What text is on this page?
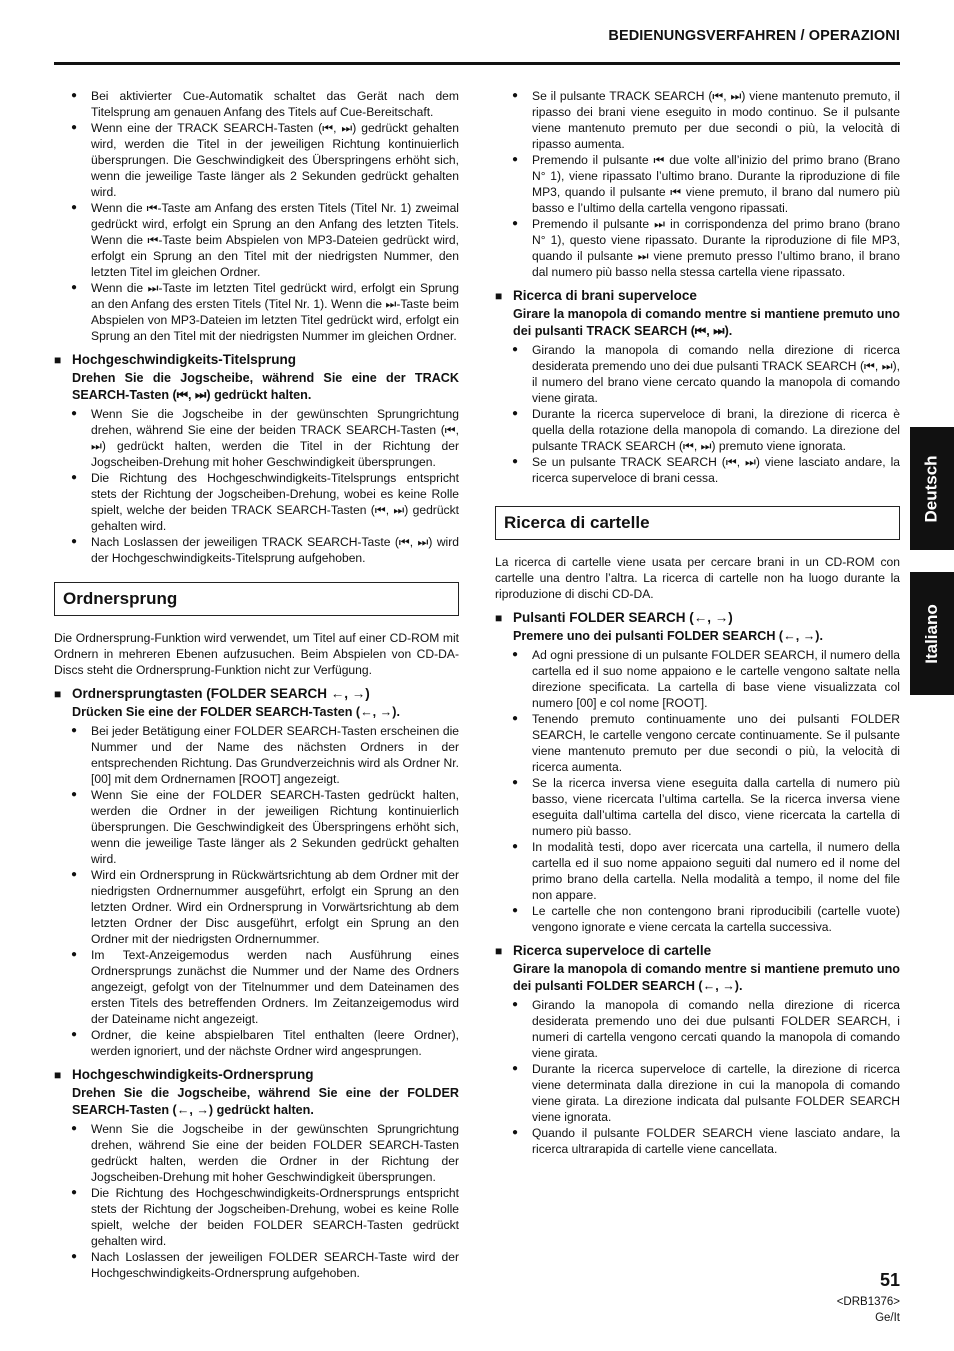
BEDIENUNGSVERFAHREN / OPERAZIONI

● Bei aktivierter Cue-Automatik schaltet das Gerät nach dem Titelsprung am genauen Anfang des Titels auf Cue-Bereitschaft.

● Wenn eine der TRACK SEARCH-Tasten (⏮, ⏭) gedrückt gehalten wird, werden die Titel in der jeweiligen Richtung kontinuierlich übersprungen. Die Geschwindigkeit des Überspringens erhöht sich, wenn die jeweilige Taste länger als 2 Sekunden gedrückt gehalten wird.

● Wenn die ⏮-Taste am Anfang des ersten Titels (Titel Nr. 1) zweimal gedrückt wird, erfolgt ein Sprung an den Anfang des letzten Titels. Wenn die ⏮-Taste beim Abspielen von MP3-Dateien gedrückt wird, erfolgt ein Sprung an den Titel mit der niedrigsten Nummer, den letzten Titel im gleichen Ordner.

● Wenn die ⏭-Taste im letzten Titel gedrückt wird, erfolgt ein Sprung an den Anfang des ersten Titels (Titel Nr. 1). Wenn die ⏭-Taste beim Abspielen von MP3-Dateien im letzten Titel gedrückt wird, erfolgt ein Sprung an den Titel mit der niedrigsten Nummer im gleichen Ordner.

■ Hochgeschwindigkeits-Titelsprung
Drehen Sie die Jogscheibe, während Sie eine der TRACK SEARCH-Tasten (⏮, ⏭) gedrückt halten.

● Wenn Sie die Jogscheibe in der gewünschten Sprungrichtung drehen, während Sie eine der beiden TRACK SEARCH-Tasten (⏮, ⏭) gedrückt halten, werden die Titel in der Richtung der Jogscheiben-Drehung mit hoher Geschwindigkeit übersprungen.

● Die Richtung des Hochgeschwindigkeits-Titelsprungs entspricht stets der Richtung der Jogscheiben-Drehung, wobei es keine Rolle spielt, welche der beiden TRACK SEARCH-Tasten (⏮, ⏭) gedrückt gehalten wird.

● Nach Loslassen der jeweiligen TRACK SEARCH-Taste (⏮, ⏭) wird der Hochgeschwindigkeits-Titelsprung aufgehoben.

Ordnersprung
Die Ordnersprung-Funktion wird verwendet, um Titel auf einer CD-ROM mit Ordnern in mehreren Ebenen aufzusuchen. Beim Abspielen von CD-DA-Discs steht die Ordnersprung-Funktion nicht zur Verfügung.
■ Ordnersprungtasten (FOLDER SEARCH ←, →)
Drücken Sie eine der FOLDER SEARCH-Tasten (←, →).

● Bei jeder Betätigung einer FOLDER SEARCH-Tasten erscheinen die Nummer und der Name des nächsten Ordners in der entsprechenden Richtung. Das Grundverzeichnis wird als Ordner Nr. [00] mit dem Ordnernamen [ROOT] angezeigt.

● Wenn Sie eine der FOLDER SEARCH-Tasten gedrückt halten, werden die Ordner in der jeweiligen Richtung kontinuierlich übersprungen. Die Geschwindigkeit des Überspringens erhöht sich, wenn die jeweilige Taste länger als 2 Sekunden gedrückt gehalten wird.

● Wird ein Ordnersprung in Rückwärtsrichtung ab dem Ordner mit der niedrigsten Ordnernummer ausgeführt, erfolgt ein Sprung an den letzten Ordner. Wird ein Ordnersprung in Vorwärtsrichtung ab dem letzten Ordner der Disc ausgeführt, erfolgt ein Sprung an den Ordner mit der niedrigsten Ordnernummer.

● Im Text-Anzeigemodus werden nach Ausführung eines Ordnersprungs zunächst die Nummer und der Name des Ordners angezeigt, gefolgt von der Titelnummer und dem Dateinamen des ersten Titels des betreffenden Ordners. Im Zeitanzeigemodus wird der Dateiname nicht angezeigt.

● Ordner, die keine abspielbaren Titel enthalten (leere Ordner), werden ignoriert, und der nächste Ordner wird angesprungen.

■ Hochgeschwindigkeits-Ordnersprung
Drehen Sie die Jogscheibe, während Sie eine der FOLDER SEARCH-Tasten (←, →) gedrückt halten.

● Wenn Sie die Jogscheibe in der gewünschten Sprungrichtung drehen, während Sie eine der beiden FOLDER SEARCH-Tasten gedrückt halten, werden die Ordner in der Richtung der Jogscheiben-Drehung mit hoher Geschwindigkeit übersprungen.

● Die Richtung des Hochgeschwindigkeits-Ordnersprungs entspricht stets der Richtung der Jogscheiben-Drehung, wobei es keine Rolle spielt, welche der beiden FOLDER SEARCH-Tasten gedrückt gehalten wird.

● Nach Loslassen der jeweiligen FOLDER SEARCH-Taste wird der Hochgeschwindigkeits-Ordnersprung aufgehoben.

● Se il pulsante TRACK SEARCH (⏮, ⏭) viene mantenuto premuto, il ripasso dei brani viene eseguito in modo continuo. Se il pulsante viene mantenuto premuto per due secondi o più, la velocità di ripasso aumenta.

● Premendo il pulsante ⏮ due volte all’inizio del primo brano (Brano N° 1), viene ripassato l’ultimo brano. Durante la riproduzione di file MP3, quando il pulsante ⏮ viene premuto, il brano dal numero più basso e l’ultimo della cartella vengono ripassati.

● Premendo il pulsante ⏭ in corrispondenza del primo brano (brano N° 1), questo viene ripassato. Durante la riproduzione di file MP3, quando il pulsante ⏭ viene premuto presso l’ultimo brano, il brano dal numero più basso nella stessa cartella viene ripassato.

■ Ricerca di brani superveloce
Girare la manopola di comando mentre si mantiene premuto uno dei pulsanti TRACK SEARCH (⏮, ⏭).

● Girando la manopola di comando nella direzione di ricerca desiderata premendo uno dei due pulsanti TRACK SEARCH (⏮, ⏭), il numero del brano viene cercato quando la manopola di comando viene girata.

● Durante la ricerca superveloce di brani, la direzione di ricerca è quella della rotazione della manopola di comando. La direzione del pulsante TRACK SEARCH (⏮, ⏭) premuto viene ignorata.

● Se un pulsante TRACK SEARCH (⏮, ⏭) viene lasciato andare, la ricerca superveloce di brani cessa.

Ricerca di cartelle
La ricerca di cartelle viene usata per cercare brani in un CD-ROM con cartelle una dentro l’altra. La ricerca di cartelle non ha luogo durante la riproduzione di dischi CD-DA.
■ Pulsanti FOLDER SEARCH (←, →)
Premere uno dei pulsanti FOLDER SEARCH (←, →).

● Ad ogni pressione di un pulsante FOLDER SEARCH, il numero della cartella ed il suo nome appaiono e le cartelle vengono saltate nella direzione specificata. La cartella di base viene visualizzata col numero [00] e col nome [ROOT].

● Tenendo premuto continuamente uno dei pulsanti FOLDER SEARCH, le cartelle vengono cercate continuamente. Se il pulsante viene mantenuto premuto per due secondi o più, la velocità di ricerca aumenta.

● Se la ricerca inversa viene eseguita dalla cartella di numero più basso, viene ricercata l’ultima cartella. Se la ricerca inversa viene eseguita dall’ultima cartella del disco, viene ricercata la cartella di numero più basso.

● In modalità testi, dopo aver ricercata una cartella, il numero della cartella ed il suo nome appaiono seguiti dal numero ed il nome del primo brano della cartella. Nella modalità a tempo, il nome del file non appare.

● Le cartelle che non contengono brani riproducibili (cartelle vuote) vengono ignorate e viene cercata la cartella successiva.

■ Ricerca superveloce di cartelle
Girare la manopola di comando mentre si mantiene premuto uno dei pulsanti FOLDER SEARCH (←, →).

● Girando la manopola di comando nella direzione di ricerca desiderata premendo uno dei due pulsanti FOLDER SEARCH, i numeri di cartella vengono cercati quando la manopola di comando viene girata.

● Durante la ricerca superveloce di cartelle, la direzione di ricerca viene determinata dalla direzione in cui la manopola di comando viene girata. La direzione indicata dal pulsante FOLDER SEARCH viene ignorata.

● Quando il pulsante FOLDER SEARCH viene lasciato andare, la ricerca ultrarapida di cartelle viene cancellata.

Deutsch
Italiano
51
<DRB1376>
Ge/It
